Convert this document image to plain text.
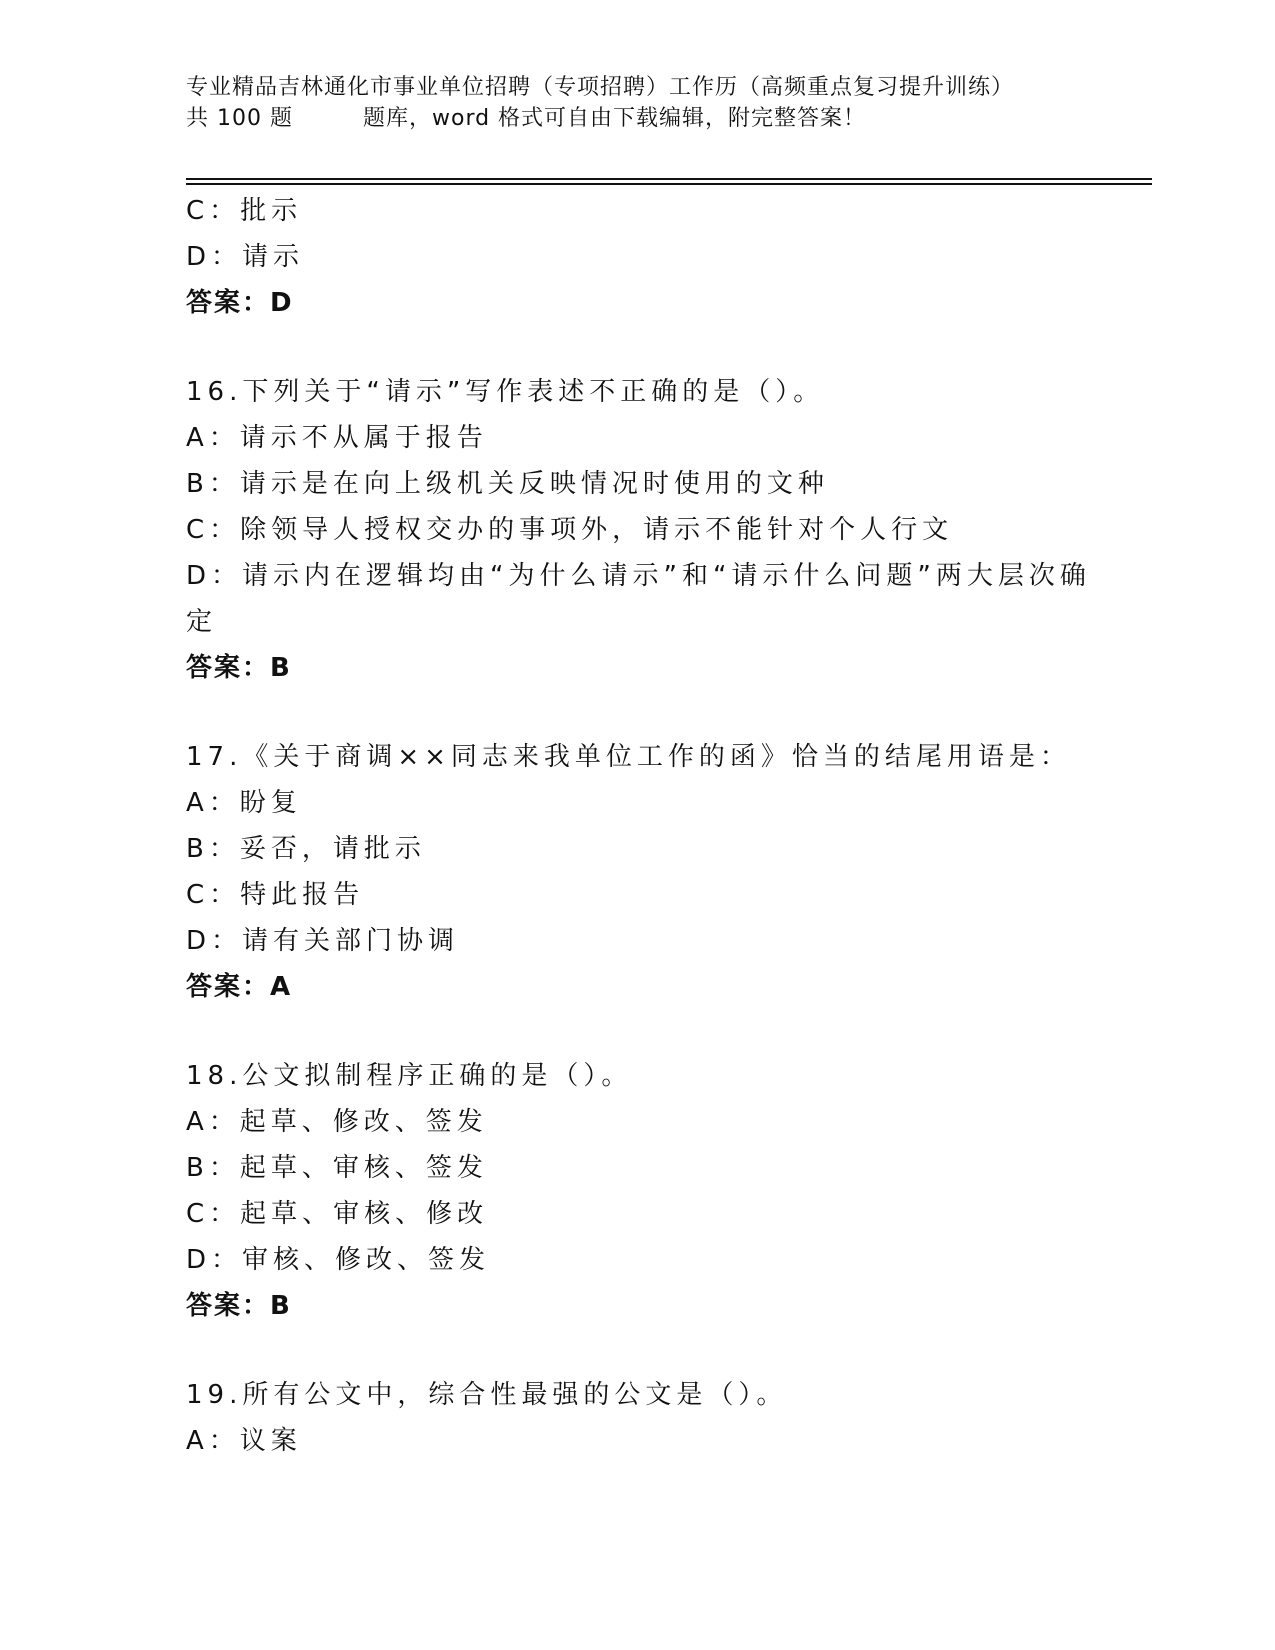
专业精品吉林通化市事业单位招聘（专项招聘）工作历（高频重点复习提升训练）
共 100 题	题库，word 格式可自由下载编辑，附完整答案！
C：批示
D：请示
答案：D
16.下列关于“请示”写作表述不正确的是（）。
A：请示不从属于报告
B：请示是在向上级机关反映情况时使用的文种
C：除领导人授权交办的事项外，请示不能针对个人行文
D：请示内在逻辑均由“为什么请示”和“请示什么问题”两大层次确
定
答案：B
17.《关于商调××同志来我单位工作的函》恰当的结尾用语是：
A：盼复
B：妥否，请批示
C：特此报告
D：请有关部门协调
答案：A
18.公文拟制程序正确的是（）。
A：起草、修改、签发
B：起草、审核、签发
C：起草、审核、修改
D：审核、修改、签发
答案：B
19.所有公文中，综合性最强的公文是（）。
A：议案
